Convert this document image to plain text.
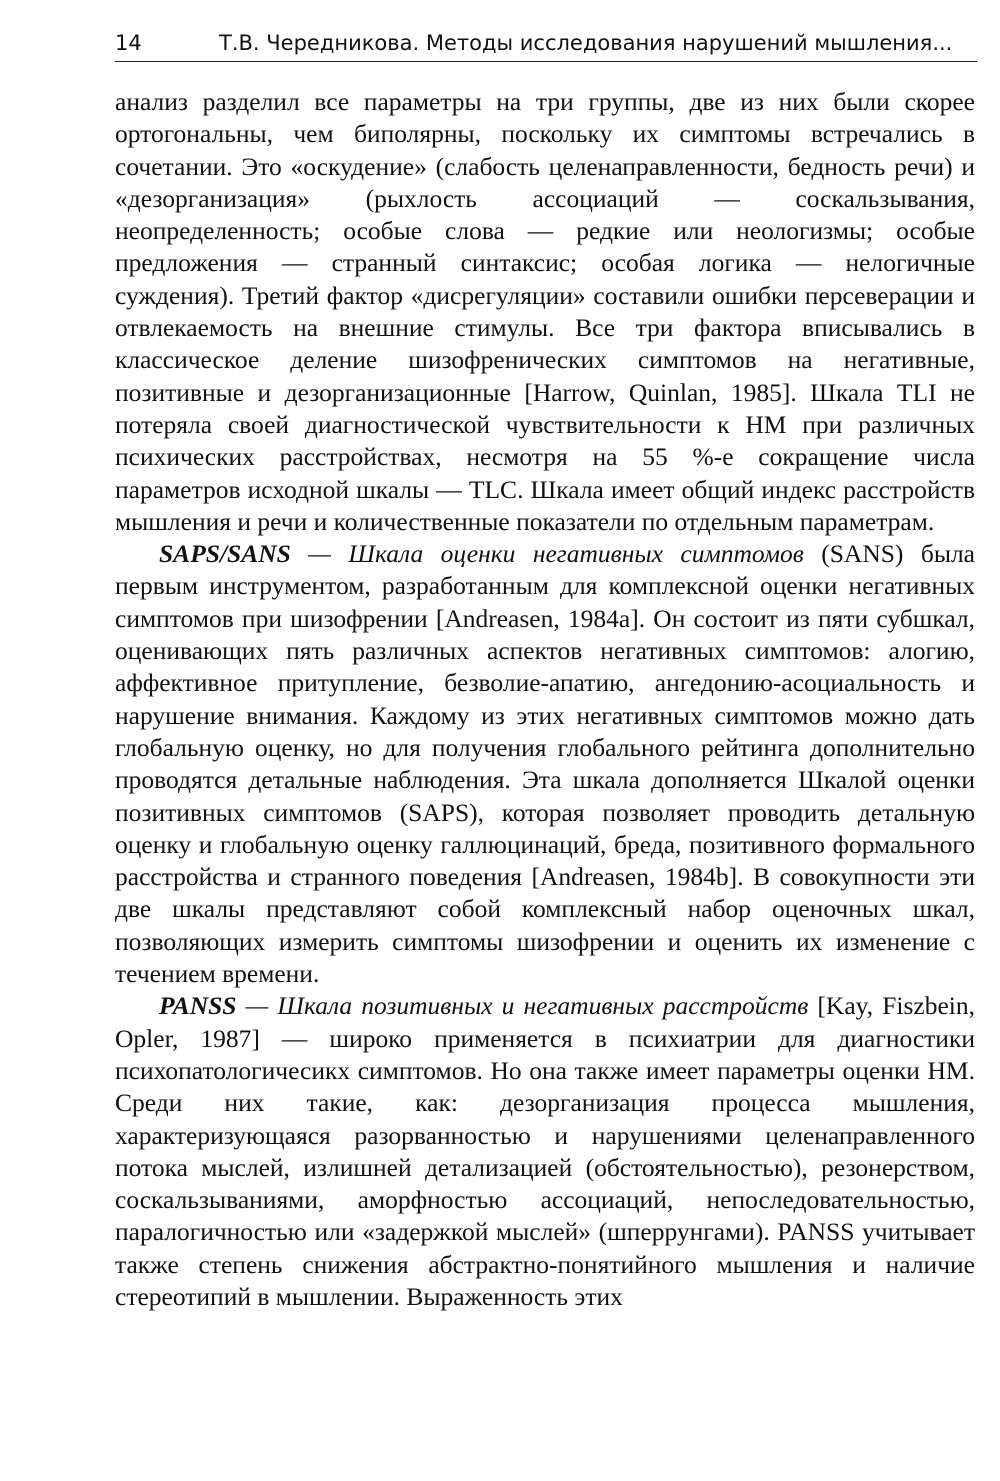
14	Т.В. Чередникова. Методы исследования нарушений мышления...

анализ разделил все параметры на три группы, две из них были скорее ортогональны, чем биполярны, поскольку их симптомы встречались в сочетании. Это «оскудение» (слабость целенаправленности, бедность речи) и «дезорганизация» (рыхлость ассоциаций — соскальзывания, неопределенность; особые слова — редкие или неологизмы; особые предложения — странный синтаксис; особая логика — нелогичные суждения). Третий фактор «дисрегуляции» составили ошибки персеверации и отвлекаемость на внешние стимулы. Все три фактора вписывались в классическое деление шизофренических симптомов на негативные, позитивные и дезорганизационные [Harrow, Quinlan, 1985]. Шкала TLI не потеряла своей диагностической чувствительности к НМ при различных психических расстройствах, несмотря на 55 %-е сокращение числа параметров исходной шкалы — TLC. Шкала имеет общий индекс расстройств мышления и речи и количественные показатели по отдельным параметрам.

SAPS/SANS — Шкала оценки негативных симптомов (SANS) была первым инструментом, разработанным для комплексной оценки негативных симптомов при шизофрении [Andreasen, 1984a]. Он состоит из пяти субшкал, оценивающих пять различных аспектов негативных симптомов: алогию, аффективное притупление, безволие-апатию, ангедонию-асоциальность и нарушение внимания. Каждому из этих негативных симптомов можно дать глобальную оценку, но для получения глобального рейтинга дополнительно проводятся детальные наблюдения. Эта шкала дополняется Шкалой оценки позитивных симптомов (SAPS), которая позволяет проводить детальную оценку и глобальную оценку галлюцинаций, бреда, позитивного формального расстройства и странного поведения [Andreasen, 1984b]. В совокупности эти две шкалы представляют собой комплексный набор оценочных шкал, позволяющих измерить симптомы шизофрении и оценить их изменение с течением времени.

PANSS — Шкала позитивных и негативных расстройств [Kay, Fiszbein, Opler, 1987] — широко применяется в психиатрии для диагностики психопатологичесикх симптомов. Но она также имеет параметры оценки НМ. Среди них такие, как: дезорганизация процесса мышления, характеризующаяся разорванностью и нарушениями целенаправленного потока мыслей, излишней детализацией (обстоятельностью), резонерством, соскальзываниями, аморфностью ассоциаций, непоследовательностью, паралогичностью или «задержкой мыслей» (шперрунгами). PANSS учитывает также степень снижения абстрактно-понятийного мышления и наличие стереотипий в мышлении. Выраженность этих
